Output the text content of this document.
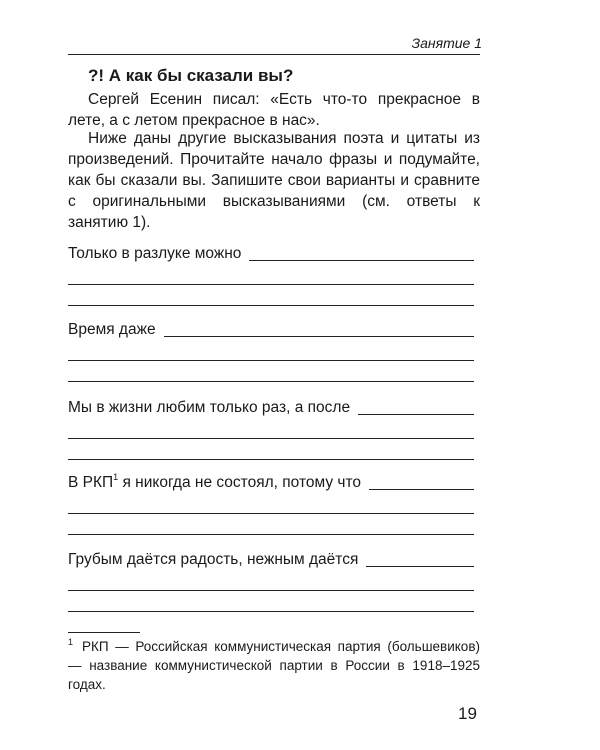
Занятие 1
?! А как бы сказали вы?
Сергей Есенин писал: «Есть что-то прекрасное в лете, а с летом прекрасное в нас».
Ниже даны другие высказывания поэта и цитаты из произведений. Прочитайте начало фразы и подумайте, как бы сказали вы. Запишите свои варианты и сравните с оригинальными высказываниями (см. ответы к занятию 1).
Только в разлуке можно
Время даже
Мы в жизни любим только раз, а после
В РКП$^1$ я никогда не состоял, потому что
Грубым даётся радость, нежным даётся
$^1$ РКП — Российская коммунистическая партия (большевиков) — название коммунистической партии в России в 1918–1925 годах.
19
